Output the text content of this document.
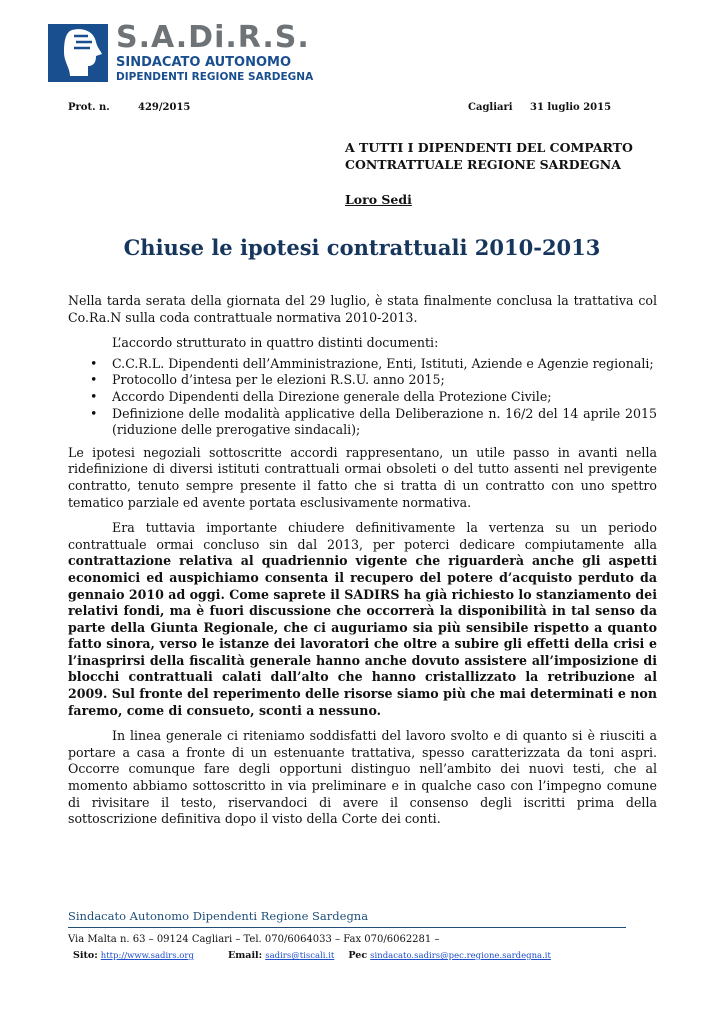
S.A.Di.R.S.
SINDACATO AUTONOMO
DIPENDENTI REGIONE SARDEGNA
Prot. n.	429/2015	Cagliari     31 luglio 2015
A TUTTI I DIPENDENTI DEL COMPARTO
CONTRATTUALE REGIONE SARDEGNA
Loro Sedi
Chiuse le ipotesi contrattuali 2010-2013

Nella tarda serata della giornata del 29 luglio, è stata finalmente conclusa la trattativa col Co.Ra.N sulla coda contrattuale normativa 2010-2013.

L’accordo strutturato in quattro distinti documenti:

• C.C.R.L. Dipendenti dell’Amministrazione, Enti, Istituti, Aziende e Agenzie regionali;
• Protocollo d’intesa per le elezioni R.S.U. anno 2015;
• Accordo Dipendenti della Direzione generale della Protezione Civile;
• Definizione delle modalità applicative della Deliberazione n. 16/2 del 14 aprile 2015 (riduzione delle prerogative sindacali);

Le ipotesi negoziali sottoscritte accordi rappresentano, un utile passo in avanti nella ridefinizione di diversi istituti contrattuali ormai obsoleti o del tutto assenti nel previgente contratto, tenuto sempre presente il fatto che si tratta di un contratto con uno spettro tematico parziale ed avente portata esclusivamente normativa.

Era tuttavia importante chiudere definitivamente la vertenza su un periodo contrattuale ormai concluso sin dal 2013, per poterci dedicare compiutamente alla contrattazione relativa al quadriennio vigente che riguarderà anche gli aspetti economici ed auspichiamo consenta il recupero del potere d’acquisto perduto da gennaio 2010 ad oggi. Come saprete il SADIRS ha già richiesto lo stanziamento dei relativi fondi, ma è fuori discussione che occorrerà la disponibilità in tal senso da parte della Giunta Regionale, che ci auguriamo sia più sensibile rispetto a quanto fatto sinora, verso le istanze dei lavoratori che oltre a subire gli effetti della crisi e l’inasprirsi della fiscalità generale hanno anche dovuto assistere all’imposizione di blocchi contrattuali calati dall’alto che hanno cristallizzato la retribuzione al 2009. Sul fronte del reperimento delle risorse siamo più che mai determinati e non faremo, come di consueto, sconti a nessuno.

In linea generale ci riteniamo soddisfatti del lavoro svolto e di quanto si è riusciti a portare a casa a fronte di un estenuante trattativa, spesso caratterizzata da toni aspri. Occorre comunque fare degli opportuni distinguo nell’ambito dei nuovi testi, che al momento abbiamo sottoscritto in via preliminare e in qualche caso con l’impegno comune di rivisitare il testo, riservandoci di avere il consenso degli iscritti prima della sottoscrizione definitiva dopo il visto della Corte dei conti.

Sindacato Autonomo Dipendenti Regione Sardegna
Via Malta n. 63 – 09124 Cagliari – Tel. 070/6064033 – Fax 070/6062281 –
Sito: http://www.sadirs.org	Email: sadirs@tiscali.it Pec sindacato.sadirs@pec.regione.sardegna.it
